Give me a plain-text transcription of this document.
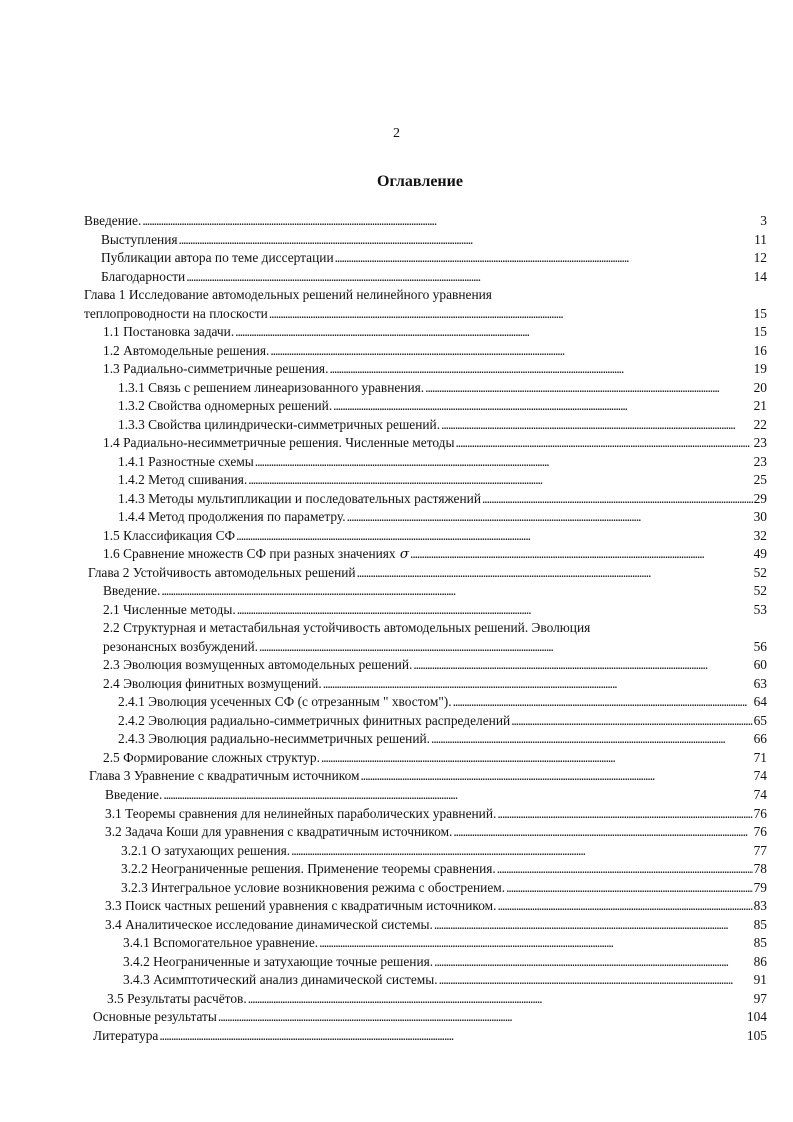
2
Оглавление
Введение. . . .	3
Выступления . . .	11
Публикации автора по теме диссертации . . .	12
Благодарности . . .	14
Глава 1 Исследование автомодельных решений нелинейного уравнения
теплопроводности на плоскости . . .	15
1.1 Постановка задачи. . . .	15
1.2 Автомодельные решения. . . .	16
1.3 Радиально-симметричные решения. . . .	19
1.3.1 Связь с решением линеаризованного уравнения. . . .	20
1.3.2 Свойства одномерных решений. . . .	21
1.3.3 Свойства цилиндрически-симметричных решений. . . .	22
1.4 Радиально-несимметричные решения. Численные методы . . .	23
1.4.1 Разностные схемы . . .	23
1.4.2 Метод сшивания. . . .	25
1.4.3 Методы мультипликации и последовательных растяжений . . .	29
1.4.4 Метод продолжения по параметру. . . .	30
1.5 Классификация СФ . . .	32
1.6 Сравнение множеств СФ при разных значениях σ . . .	49
Глава 2 Устойчивость автомодельных решений . . .	52
Введение. . . .	52
2.1 Численные методы. . . .	53
2.2 Структурная и метастабильная устойчивость автомодельных решений. Эволюция
резонансных возбуждений. . . .	56
2.3 Эволюция возмущенных автомодельных решений. . . .	60
2.4 Эволюция финитных возмущений. . . .	63
2.4.1 Эволюция усеченных СФ (с отрезанным " хвостом"). . . .	64
2.4.2 Эволюция радиально-симметричных финитных распределений . . .	65
2.4.3 Эволюция радиально-несимметричных решений. . . .	66
2.5 Формирование сложных структур. . . .	71
Глава 3 Уравнение с квадратичным источником . . .	74
Введение. . . .	74
3.1 Теоремы сравнения для нелинейных параболических уравнений. . . .	76
3.2 Задача Коши для уравнения с квадратичным источником. . . .	76
3.2.1 О затухающих решения. . . .	77
3.2.2 Неограниченные решения. Применение теоремы сравнения. . . .	78
3.2.3 Интегральное условие возникновения режима с обострением. . . .	79
3.3 Поиск частных решений уравнения с квадратичным источником. . . .	83
3.4 Аналитическое исследование динамической системы. . . .	85
3.4.1 Вспомогательное уравнение. . . .	85
3.4.2 Неограниченные и затухающие точные решения. . . .	86
3.4.3 Асимптотический анализ динамической системы. . . .	91
3.5 Результаты расчётов. . . .	97
Основные результаты . . .	104
Литература . . .	105
